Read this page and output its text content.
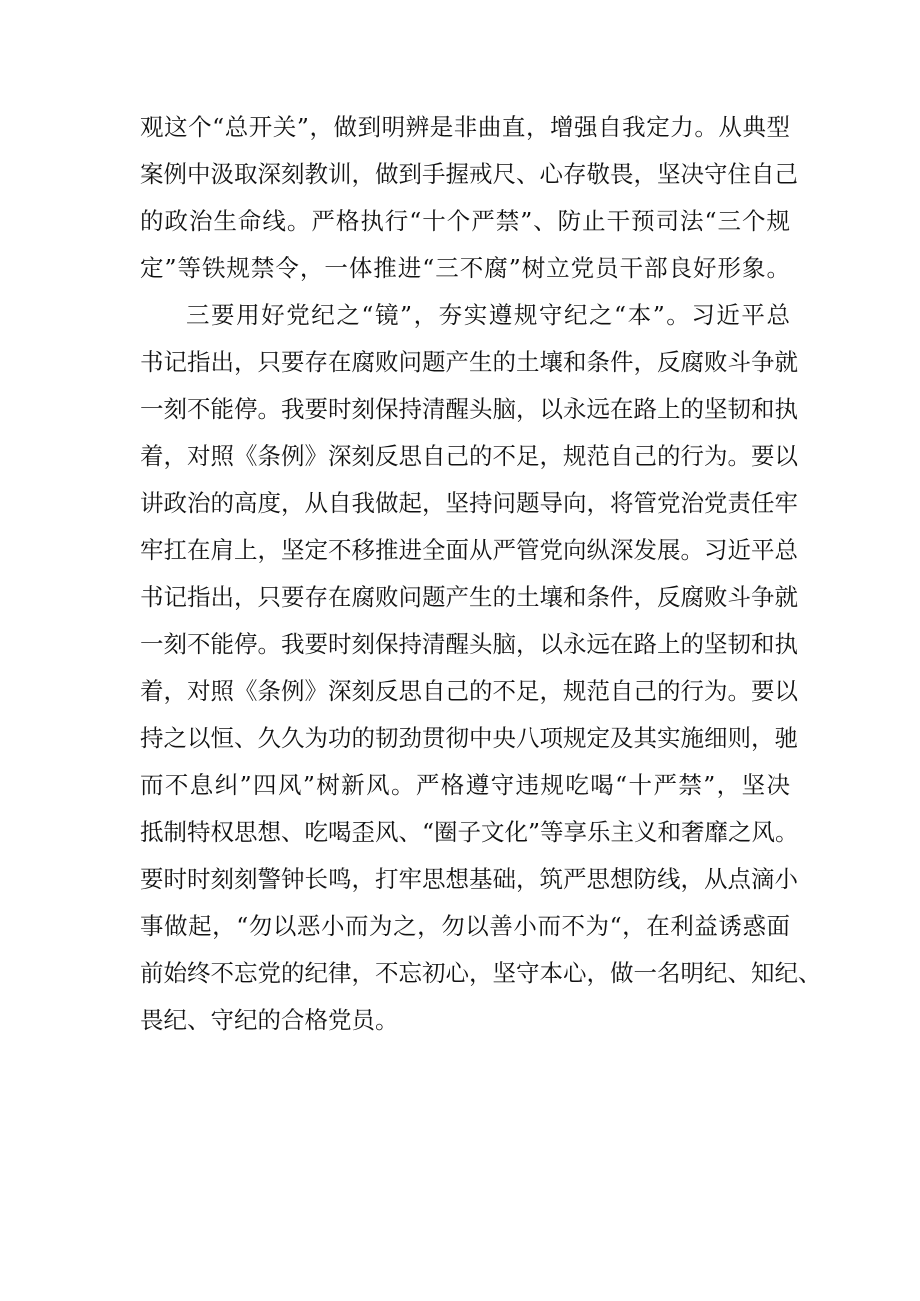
观这个“总开关”，做到明辨是非曲直，增强自我定力。从典型
案例中汲取深刻教训，做到手握戒尺、心存敬畏，坚决守住自己
的政治生命线。严格执行“十个严禁”、防止干预司法“三个规
定”等铁规禁令，一体推进“三不腐”树立党员干部良好形象。
三要用好党纪之“镜”，夯实遵规守纪之“本”。习近平总
书记指出，只要存在腐败问题产生的土壤和条件，反腐败斗争就
一刻不能停。我要时刻保持清醒头脑，以永远在路上的坚韧和执
着，对照《条例》深刻反思自己的不足，规范自己的行为。要以
讲政治的高度，从自我做起，坚持问题导向，将管党治党责任牢
牢扛在肩上，坚定不移推进全面从严管党向纵深发展。习近平总
书记指出，只要存在腐败问题产生的土壤和条件，反腐败斗争就
一刻不能停。我要时刻保持清醒头脑，以永远在路上的坚韧和执
着，对照《条例》深刻反思自己的不足，规范自己的行为。要以
持之以恒、久久为功的韧劲贯彻中央八项规定及其实施细则，驰
而不息纠”四风”树新风。严格遵守违规吃喝“十严禁”，坚决
抵制特权思想、吃喝歪风、“圈子文化”等享乐主义和奢靡之风。
要时时刻刻警钟长鸣，打牢思想基础，筑严思想防线，从点滴小
事做起，“勿以恶小而为之，勿以善小而不为“，在利益诱惑面
前始终不忘党的纪律，不忘初心，坚守本心，做一名明纪、知纪、
畏纪、守纪的合格党员。
